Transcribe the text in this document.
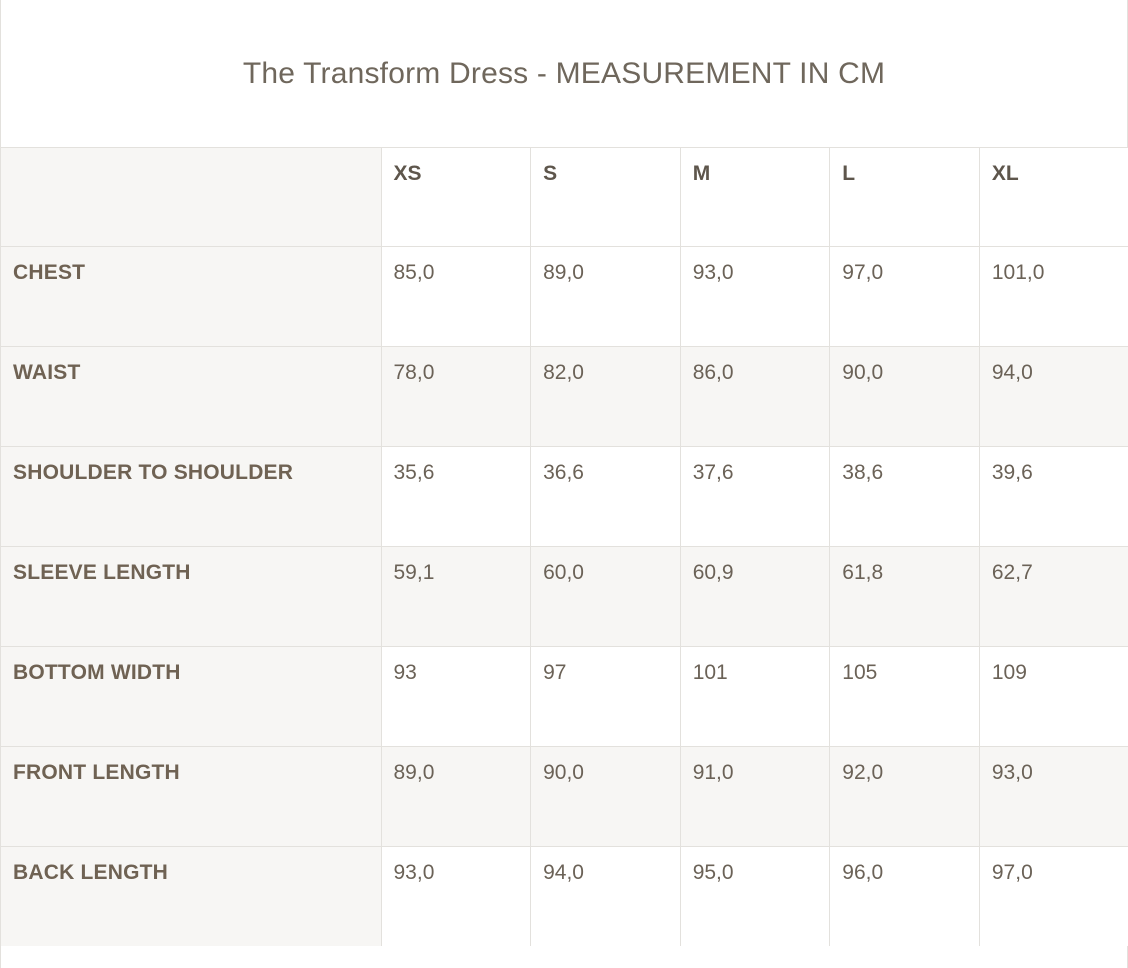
The Transform Dress - MEASUREMENT IN CM
	XS	S	M	L	XL
CHEST	85,0	89,0	93,0	97,0	101,0
WAIST	78,0	82,0	86,0	90,0	94,0
SHOULDER TO SHOULDER	35,6	36,6	37,6	38,6	39,6
SLEEVE LENGTH	59,1	60,0	60,9	61,8	62,7
BOTTOM WIDTH	93	97	101	105	109
FRONT LENGTH	89,0	90,0	91,0	92,0	93,0
BACK LENGTH	93,0	94,0	95,0	96,0	97,0
